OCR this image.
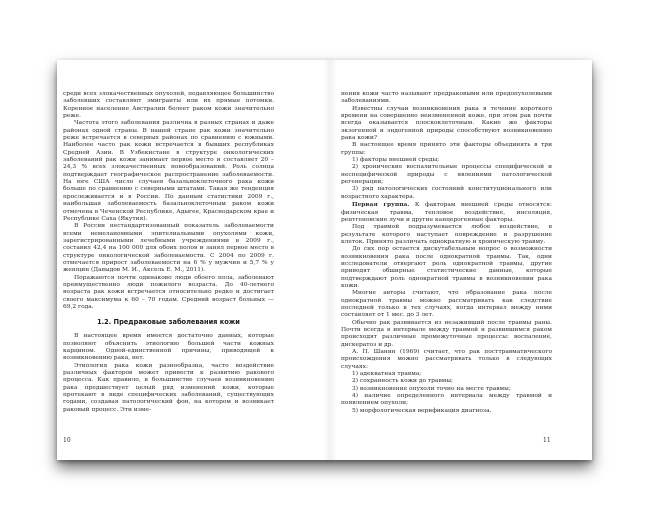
среди всех злокачественных опухолей, подавляющее большинство заболевших составляют эмигранты или их прямые потомки. Коренное население Австралии болеет раком кожи значительно реже.

Частота этого заболевания различна в разных странах и даже районах одной страны. В нашей стране рак кожи значительно реже встречается в северных районах по сравнению с южными. Наиболее часто рак кожи встречается в бывших республиках Средней Азии. В Узбекистане в структуре онкологических заболеваний рак кожи занимает первое место и составляет 20 – 24,3 % всех злокачественных новообразований. Роль солнца подтверждает географическое распространение заболеваемости. На юге США число случаев базальноклеточного рака кожи больше по сравнению с северными штатами. Такая же тенденция прослеживается и в России. По данным статистики 2009 г., наибольшая заболеваемость базальноклеточным раком кожи отмечена в Чеченской Республике, Адыгее, Краснодарском крае и Республике Саха (Якутия).

В России нестандартизованный показатель заболеваемости всеми немеланомными эпителиальными опухолями кожи, зарегистрированными лечебными учреждениями в 2009 г., составил 42,4 на 100 000 для обоих полов и занял первое место в структуре онкологической заболеваемости. С 2004 по 2009 г. отмечается прирост заболеваемости на 6 % у мужчин и 5,7 % у женщин (Давыдов М. И., Аксель Е. М., 2011).

Поражаются почти одинаково люди обоего пола, заболевают преимущественно люди пожилого возраста. До 40-летнего возраста рак кожи встречается относительно редко и достигает своего максимума к 60 – 70 годам. Средний возраст больных — 69,2 года.

1.2. Предраковые заболевания кожи

В настоящее время имеется достаточно данных, которые позволяют объяснить этиологию большей части кожных карцином. Одной-единственной причины, приводящей к возникновению рака, нет.

Этиология рака кожи разнообразна, часто воздействие различных факторов может привести к развитию ракового процесса. Как правило, в большинстве случаев возникновению рака предшествует целый ряд изменений кожи, которые протекают в виде специфических заболеваний, существующих годами, создавая патологический фон, на котором и возникает раковый процесс. Эти изме-

10

нения кожи часто называют предраковыми или предопухолевыми заболеваниями.

Известны случаи возникновения рака в течение короткого времени на совершенно неизмененной коже, при этом рак почти всегда оказывается плоскоклеточным. Какие же факторы экзогенной и эндогенной природы способствуют возникновению рака кожи?

В настоящее время принято эти факторы объединять в три группы:

1) факторы внешней среды;

2) хронические воспалительные процессы специфической и неспецифической природы с явлениями патологической регенерации;

3) ряд патологических состояний конституционального или возрастного характера.

Первая группа. К факторам внешней среды относятся: физическая травма, тепловое воздействие, инсоляция, рентгеновские лучи и другие канцерогенные факторы.

Под травмой подразумевается любое воздействие, в результате которого наступает повреждение и разрушение клеток. Принято различать однократную и хроническую травму.

До сих пор остается дискутабельным вопрос о возможности возникновения рака после однократной травмы. Так, одни исследователи отвергают роль однократной травмы, другие приводят обширные статистические данные, которые подтверждают роль однократной травмы в возникновении рака кожи.

Многие авторы считают, что образование рака после однократной травмы можно рассматривать как следствие последней только в тех случаях, когда интервал между ними составляет от 1 мес. до 3 лет.

Обычно рак развивается из незаживший после травмы раны. Почти всегда в интервале между травмой и развившимся раком происходят различные промежуточные процессы: воспаление, дискератоз и др.

А. П. Шанин (1969) считает, что рак посттравматического происхождения можно рассматривать только в следующих случаях:

1) адекватная травма;

2) сохранность кожи до травмы;

3) возникновение опухоли точно на месте травмы;

4) наличие определенного интервала между травмой и появлением опухоли;

5) морфологическая верификация диагноза.

11
